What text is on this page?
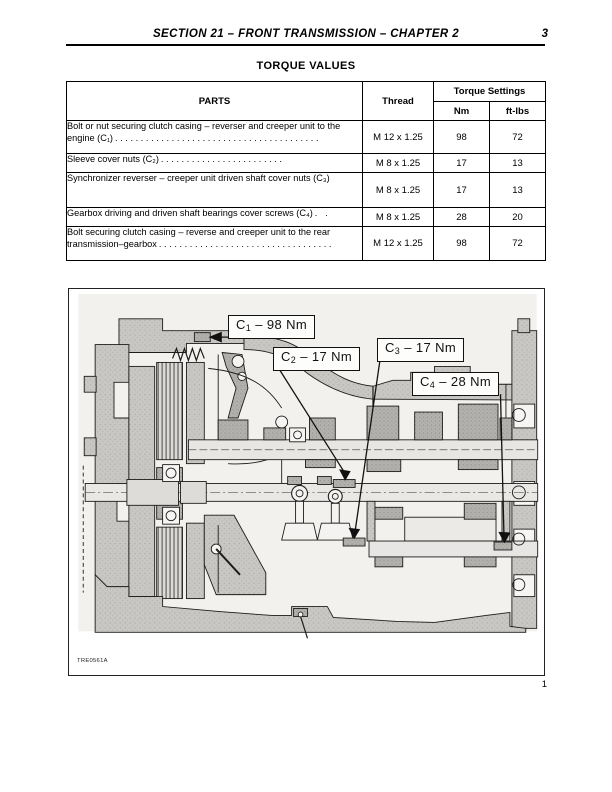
SECTION 21 – FRONT TRANSMISSION – CHAPTER 2	3
TORQUE VALUES
PARTS	Thread	Torque Settings	
		Nm	ft-lbs

Bolt or nut securing clutch casing – reverser and creeper unit to the
engine (C₁) ........................................	M 12 x 1.25	98	72

Sleeve cover nuts (C₂) ........................	M 8 x 1.25	17	13

Synchronizer reverser – creeper unit driven shaft cover nuts (C₃)	M 8 x 1.25	17	13

Gearbox driving and driven shaft bearings cover screws (C₄) . .	M 8 x 1.25	28	20

Bolt securing clutch casing – reverse and creeper unit to the rear
transmission–gearbox ..................................	M 12 x 1.25	98	72
$C_1 - 98$ Nm
$C_2 - 17$ Nm
$C_3 - 17$ Nm
$C_4 - 28$ Nm
TRE0561A
1
